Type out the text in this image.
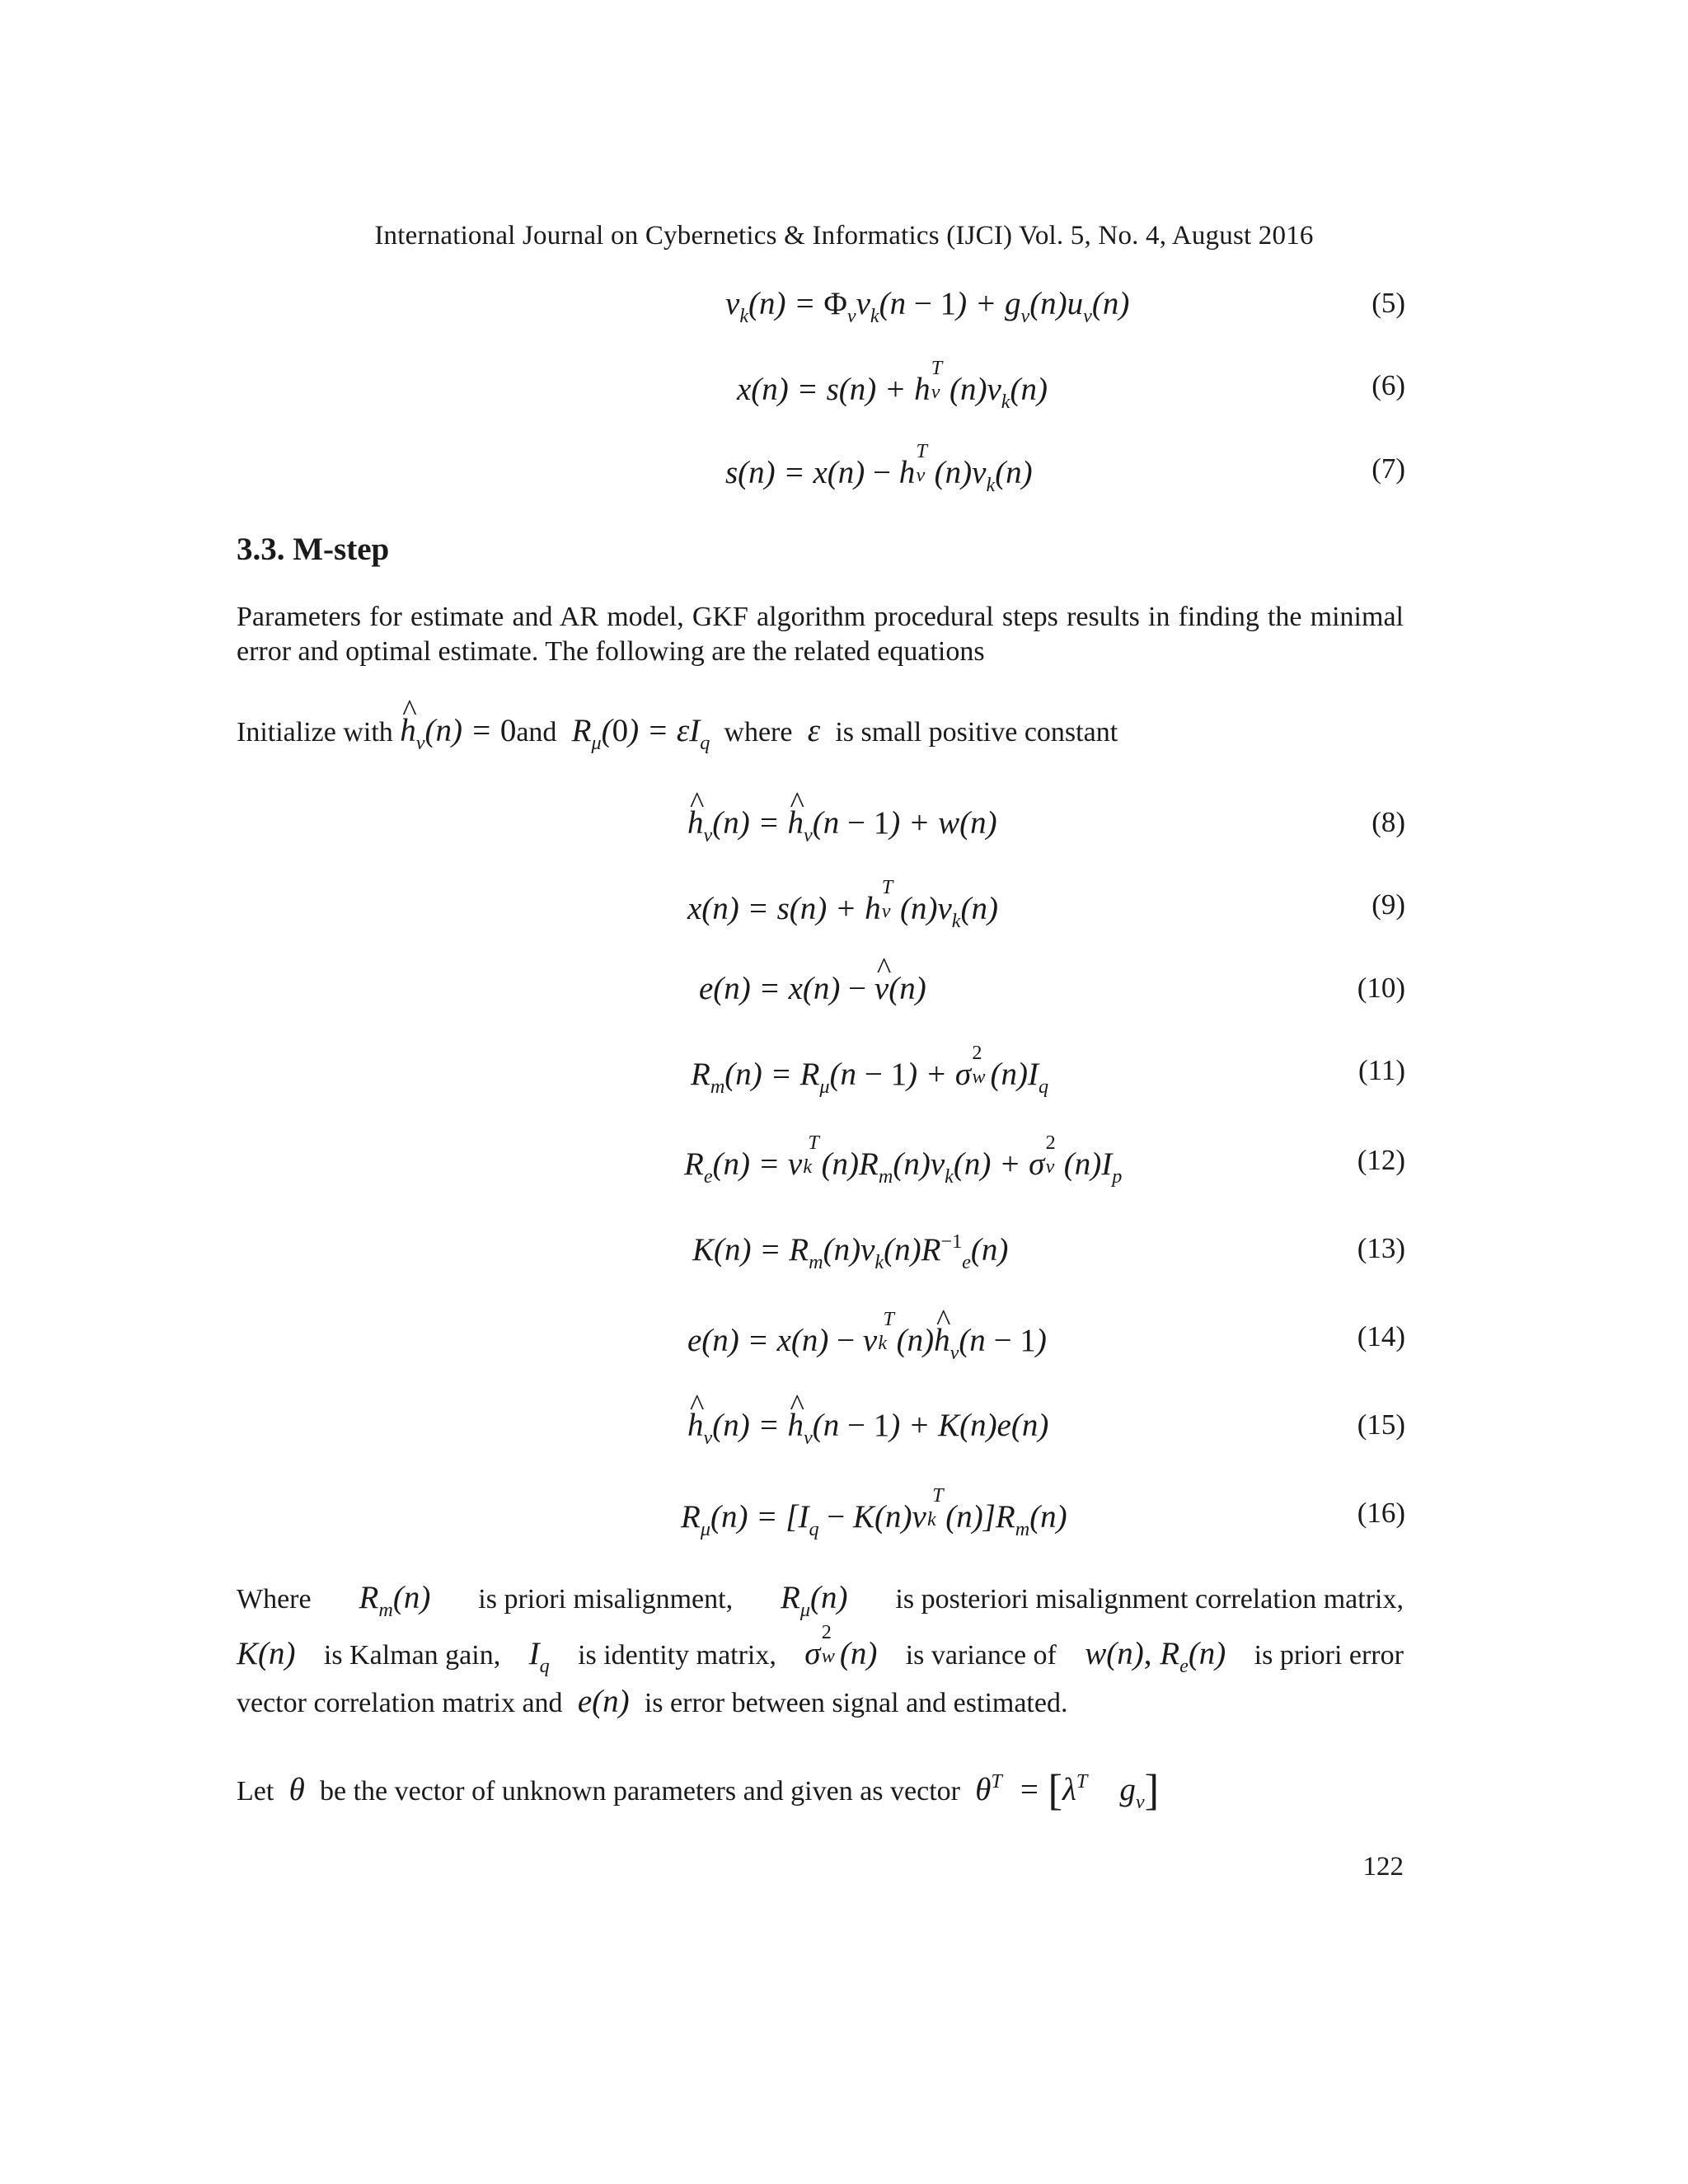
International Journal on Cybernetics & Informatics (IJCI) Vol. 5, No. 4, August 2016
$v_k(n) = \Phi_vv_k(n - 1) + g_v(n)u_v(n)$	(5)
x(n) = s(n) + h
T
v $(n)v_k(n)$	(6)
s(n) = x(n) − h
T
v $(n)v_k(n)$	(7)
3.3. M-step
Parameters for estimate and AR model, GKF algorithm procedural steps results in finding the minimal error and optimal estimate. The following are the related equations
Initialize with ^ $h_v(n) = 0and$  $R_\mu(0) = \varepsilon I_q$ where  ε  is small positive constant
^ $h_v(n)$ = ^ $h_v(n - 1) + w(n)$	(8)
x(n) = s(n) + h
T
v $(n)v_k(n)$	(9)
e(n) = x(n) − ^ v(n)	(10)
$R_m(n) = R_\mu(n - 1) + \sigma$
2
w $(n)I_q$
(11)
$R_e(n) = v$
T
k $(n)R_m(n)v_k(n) + \sigma$
2
v $(n)I_p$
(12)
$K(n) = R_m(n)v_k(n)R^{-1}_e(n)$	(13)
e(n) = x(n) − v
T
k (n)^ $h_v(n - 1)$	(14)
^ $h_v(n)$ = ^ $h_v(n - 1) + K(n)e(n)$	(15)
$R_\mu(n) = [I_q - K(n)v$
T
k $(n)]R_m(n)$	(16)
Where $R_m(n)$ is priori misalignment, $R_\mu(n)$ is posteriori misalignment correlation matrix,
K(n) is Kalman gain, $I_q$ is identity matrix, σ
2
w (n) is variance of w(n), $R_e(n)$ is priori error
vector correlation matrix and  e(n)  is error between signal and estimated.
Let  θ  be the vector of unknown parameters and given as vector  $\theta^T = [\lambda^T$    $g_v$]
122
